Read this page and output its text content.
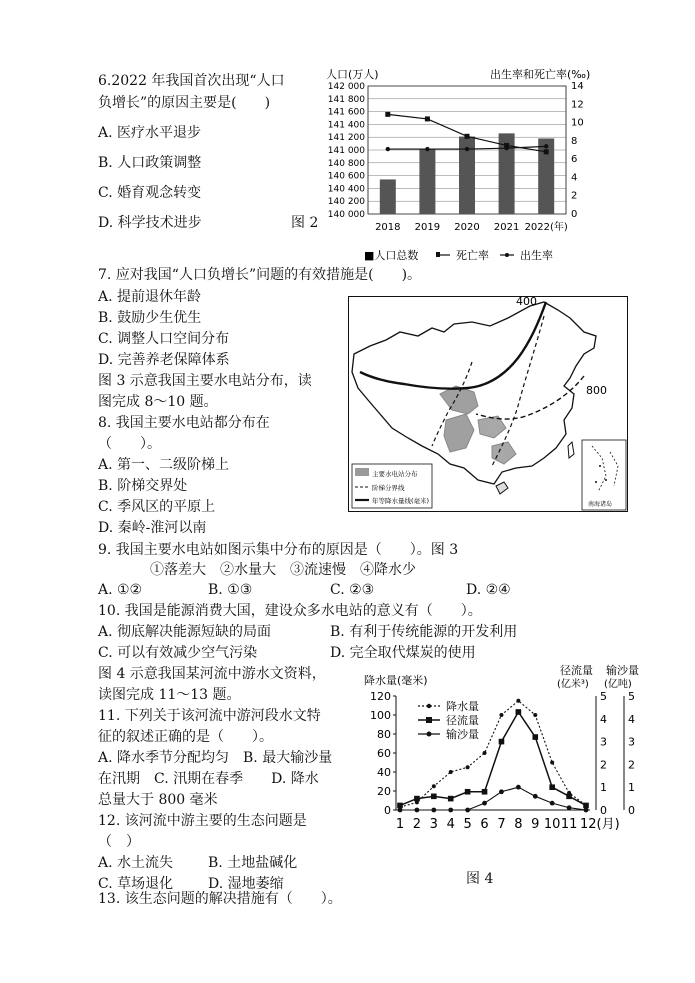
6.2022 年我国首次出现“人口
负增长”的原因主要是(　　)
A. 医疗水平退步
B. 人口政策调整
C. 婚育观念转变
D. 科学技术进步	图 2
人口(万人)	出生率和死亡率(‰)
142 000
141 800
141 600
141 400
141 200
141 000
140 800
140 600
140 400
140 200
140 000
14
12
10
8
6
4
2
0
2018 2019 2020 2021 2022(年)
■人口总数	死亡率	出生率
7. 应对我国“人口负增长”问题的有效措施是(　　)。
A. 提前退休年龄
B. 鼓励少生优生
C. 调整人口空间分布
D. 完善养老保障体系
图 3 示意我国主要水电站分布，读
图完成 8～10 题。
8. 我国主要水电站都分布在
（　　）。
A. 第一、二级阶梯上
B. 阶梯交界处
C. 季风区的平原上
D. 秦岭-淮河以南
400
800
主要水电站分布
阶梯分界线
年等降水量线(毫米)	南海诸岛
9. 我国主要水电站如图示集中分布的原因是（　　）。图 3
①落差大　②水量大　③流速慢　④降水少
A. ①②	B. ①③	C. ②③	D. ②④
10. 我国是能源消费大国，建设众多水电站的意义有（　　）。
A. 彻底解决能源短缺的局面	B. 有利于传统能源的开发利用
C. 可以有效减少空气污染	D. 完全取代煤炭的使用
图 4 示意我国某河流中游水文资料，
读图完成 11～13 题。
11. 下列关于该河流中游河段水文特
征的叙述正确的是（　　）。
A. 降水季节分配均匀　B. 最大输沙量
在汛期　C. 汛期在春季　　D. 降水
总量大于 800 毫米
12. 该河流中游主要的生态问题是
（　）
A. 水土流失 B. 土地盐碱化
C. 草场退化 D. 湿地萎缩	图 4
13. 该生态问题的解决措施有（　　）。
降水量(毫米)
径流量
(亿米³)
输沙量
(亿吨)
120
100
80
60
40
20
0
5 5
4 4
3 3
2 2
1 1
0 0
1 2 3 4 5 6 7 8 9 10 11 12(月)
降水量
径流量
输沙量
